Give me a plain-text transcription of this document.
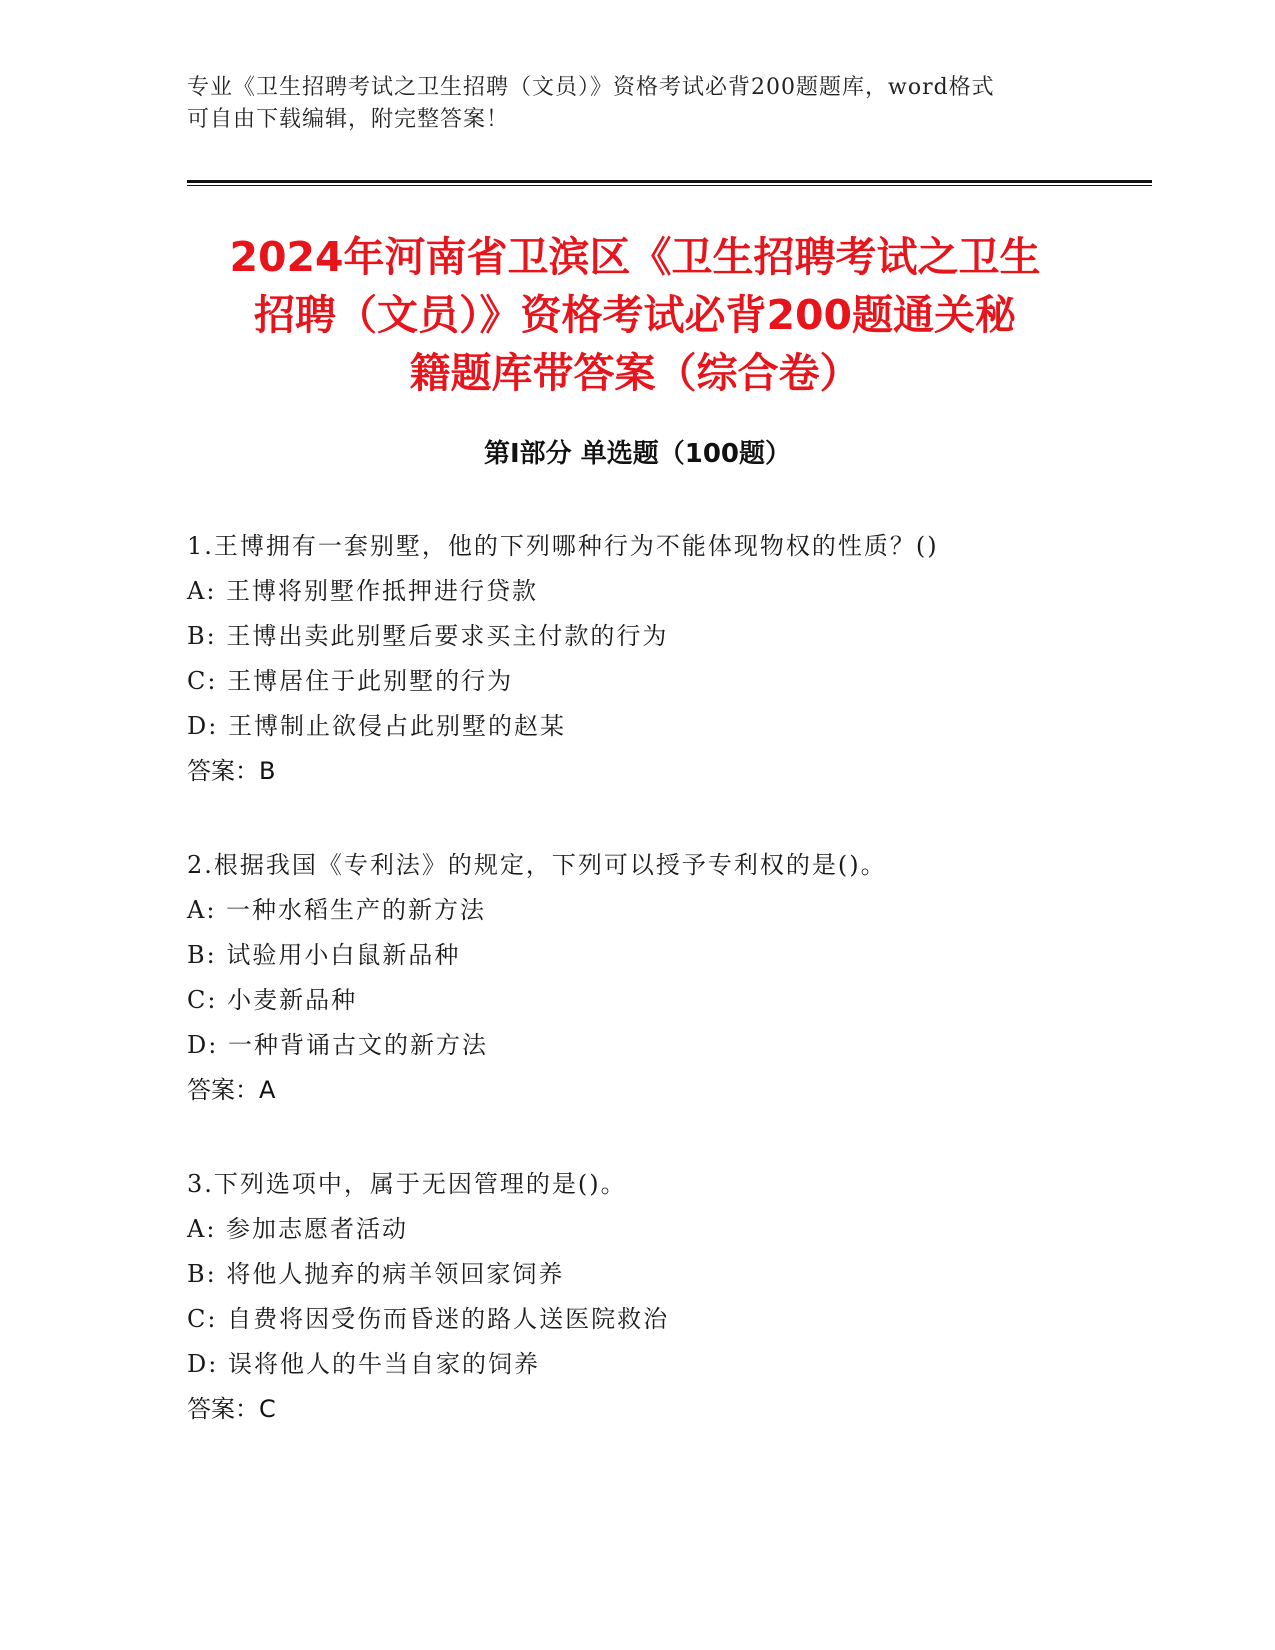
专业《卫生招聘考试之卫生招聘（文员）》资格考试必背200题题库，word格式
可自由下载编辑，附完整答案！
2024年河南省卫滨区《卫生招聘考试之卫生
招聘（文员）》资格考试必背200题通关秘
籍题库带答案（综合卷）
第Ⅰ部分 单选题（100题）
1.王博拥有一套别墅，他的下列哪种行为不能体现物权的性质？()
A: 王博将别墅作抵押进行贷款
B: 王博出卖此别墅后要求买主付款的行为
C: 王博居住于此别墅的行为
D: 王博制止欲侵占此别墅的赵某
答案：B
2.根据我国《专利法》的规定，下列可以授予专利权的是()。
A: 一种水稻生产的新方法
B: 试验用小白鼠新品种
C: 小麦新品种
D: 一种背诵古文的新方法
答案：A
3.下列选项中，属于无因管理的是()。
A: 参加志愿者活动
B: 将他人抛弃的病羊领回家饲养
C: 自费将因受伤而昏迷的路人送医院救治
D: 误将他人的牛当自家的饲养
答案：C
